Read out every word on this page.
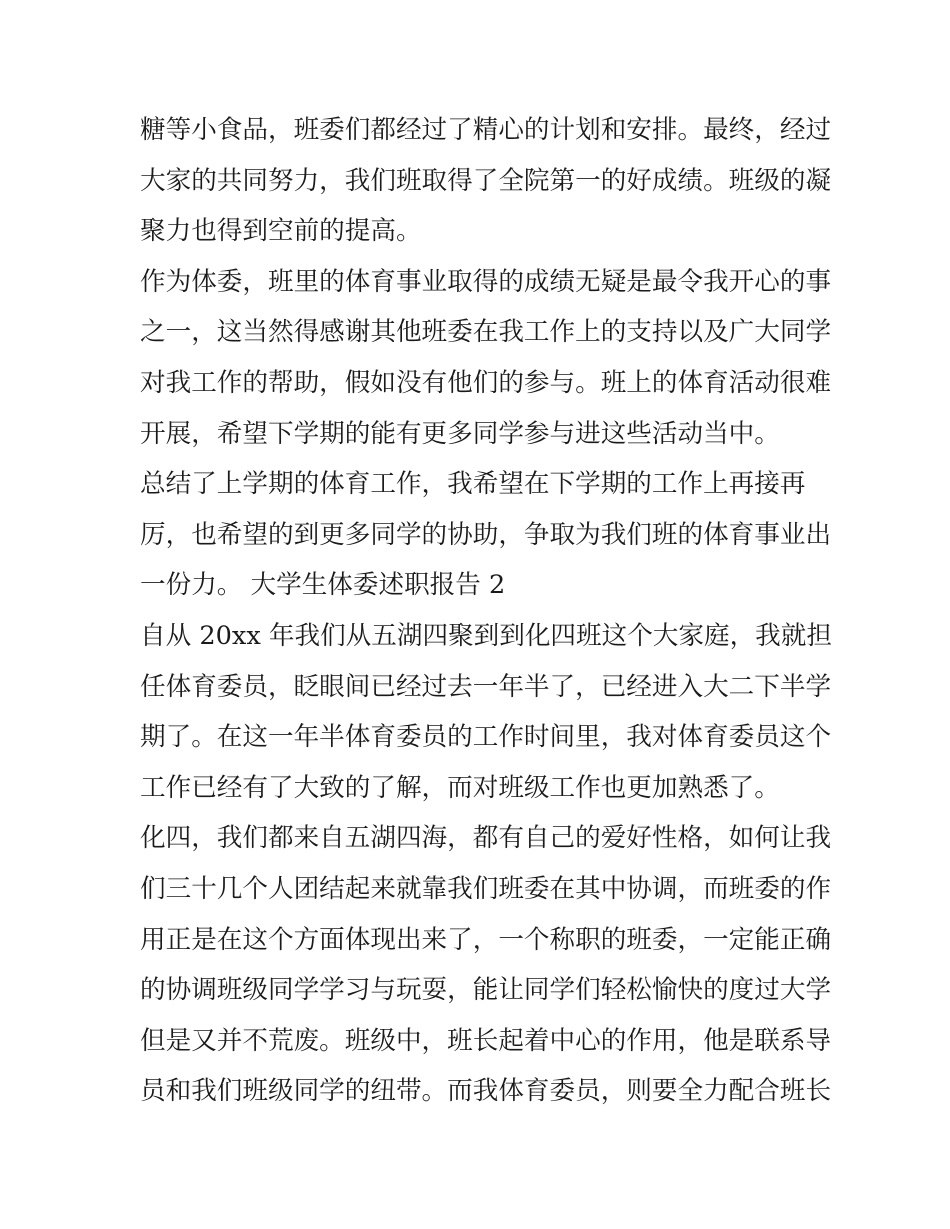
糖等小食品，班委们都经过了精心的计划和安排。最终，经过
大家的共同努力，我们班取得了全院第一的好成绩。班级的凝
聚力也得到空前的提高。
作为体委，班里的体育事业取得的成绩无疑是最令我开心的事
之一，这当然得感谢其他班委在我工作上的支持以及广大同学
对我工作的帮助，假如没有他们的参与。班上的体育活动很难
开展，希望下学期的能有更多同学参与进这些活动当中。
总结了上学期的体育工作，我希望在下学期的工作上再接再
厉，也希望的到更多同学的协助，争取为我们班的体育事业出
一份力。 大学生体委述职报告 2
自从 20xx 年我们从五湖四聚到到化四班这个大家庭，我就担
任体育委员，眨眼间已经过去一年半了，已经进入大二下半学
期了。在这一年半体育委员的工作时间里，我对体育委员这个
工作已经有了大致的了解，而对班级工作也更加熟悉了。
化四，我们都来自五湖四海，都有自己的爱好性格，如何让我
们三十几个人团结起来就靠我们班委在其中协调，而班委的作
用正是在这个方面体现出来了，一个称职的班委，一定能正确
的协调班级同学学习与玩耍，能让同学们轻松愉快的度过大学
但是又并不荒废。班级中，班长起着中心的作用，他是联系导
员和我们班级同学的纽带。而我体育委员，则要全力配合班长
